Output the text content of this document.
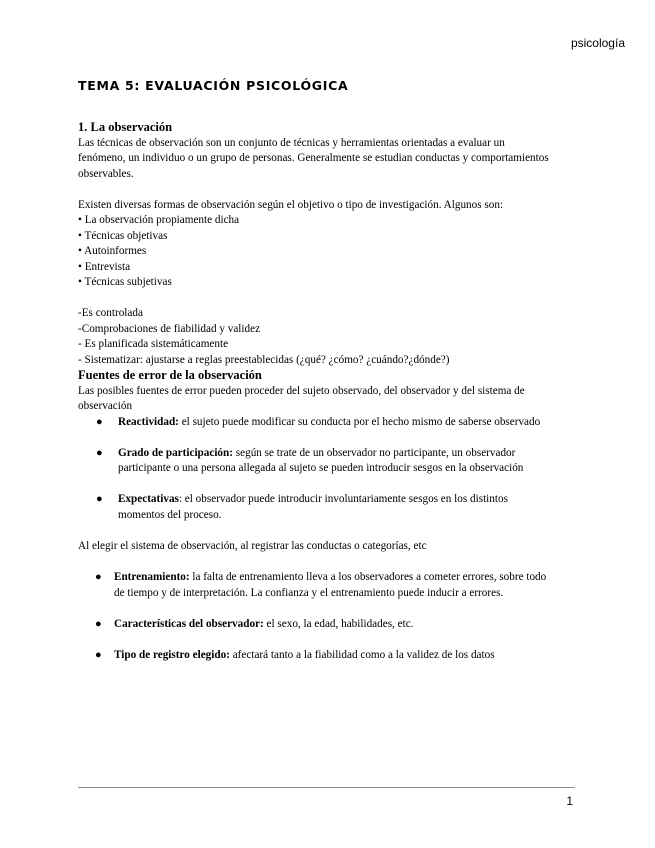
psicología
TEMA 5: EVALUACIÓN PSICOLÓGICA

1. La observación

Las técnicas de observación son un conjunto de técnicas y herramientas orientadas a evaluar un

fenómeno, un individuo o un grupo de personas. Generalmente se estudian conductas y comportamientos

observables.

Existen diversas formas de observación según el objetivo o tipo de investigación. Algunos son:

• La observación propiamente dicha
• Técnicas objetivas
• Autoinformes
• Entrevista
• Técnicas subjetivas

-Es controlada

-Comprobaciones de fiabilidad y validez

- Es planificada sistemáticamente

- Sistematizar: ajustarse a reglas preestablecidas (¿qué? ¿cómo? ¿cuándo?¿dónde?)

Fuentes de error de la observación

Las posibles fuentes de error pueden proceder del sujeto observado, del observador y del sistema de

observación

● Reactividad: el sujeto puede modificar su conducta por el hecho mismo de saberse observado
● Grado de participación: según se trate de un observador no participante, un observador
participante o una persona allegada al sujeto se pueden introducir sesgos en la observación
● Expectativas: el observador puede introducir involuntariamente sesgos en los distintos
momentos del proceso.

Al elegir el sistema de observación, al registrar las conductas o categorías, etc

● Entrenamiento: la falta de entrenamiento lleva a los observadores a cometer errores, sobre todo
de tiempo y de interpretación. La confianza y el entrenamiento puede inducir a errores.
● Características del observador: el sexo, la edad, habilidades, etc.
● Tipo de registro elegido: afectará tanto a la fiabilidad como a la validez de los datos
1
